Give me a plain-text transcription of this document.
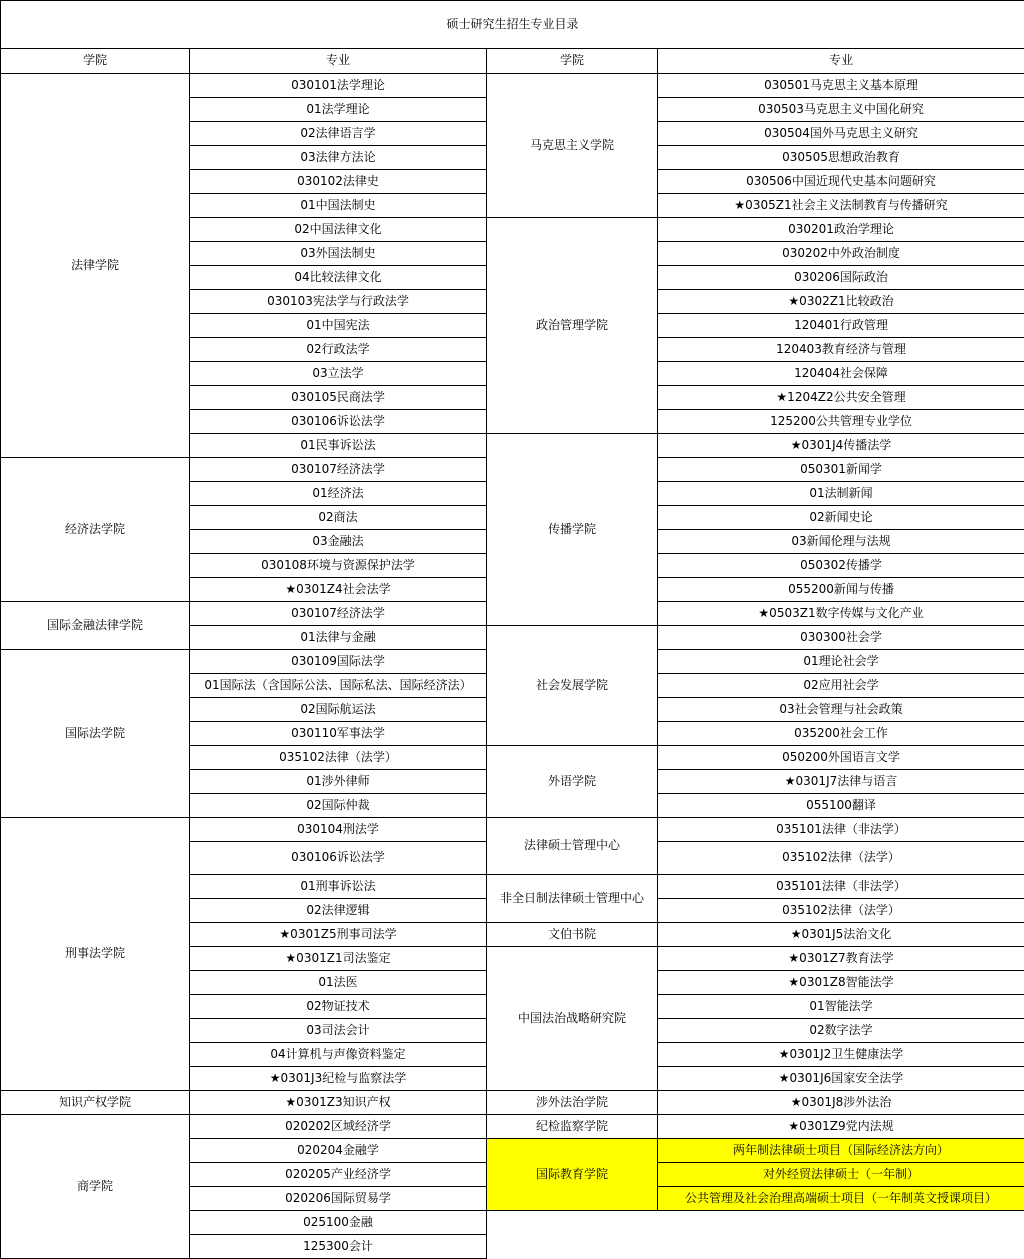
硕士研究生招生专业目录			
学院	专业	学院	专业
法律学院	030101法学理论	马克思主义学院	030501马克思主义基本原理
	01法学理论		030503马克思主义中国化研究
	02法律语言学		030504国外马克思主义研究
	03法律方法论		030505思想政治教育
	030102法律史		030506中国近现代史基本问题研究
	01中国法制史		★0305Z1社会主义法制教育与传播研究
	02中国法律文化	政治管理学院	030201政治学理论
	03外国法制史		030202中外政治制度
	04比较法律文化		030206国际政治
	030103宪法学与行政法学		★0302Z1比较政治
	01中国宪法		120401行政管理
	02行政法学		120403教育经济与管理
	03立法学		120404社会保障
	030105民商法学		★1204Z2公共安全管理
	030106诉讼法学		125200公共管理专业学位
	01民事诉讼法	传播学院	★0301J4传播法学
经济法学院	030107经济法学		050301新闻学
	01经济法		01法制新闻
	02商法		02新闻史论
	03金融法		03新闻伦理与法规
	030108环境与资源保护法学		050302传播学
	★0301Z4社会法学		055200新闻与传播
国际金融法律学院	030107经济法学		★0503Z1数字传媒与文化产业
	01法律与金融	社会发展学院	030300社会学
国际法学院	030109国际法学		01理论社会学
	01国际法（含国际公法、国际私法、国际经济法）		02应用社会学
	02国际航运法		03社会管理与社会政策
	030110军事法学		035200社会工作
	035102法律（法学）	外语学院	050200外国语言文学
	01涉外律师		★0301J7法律与语言
	02国际仲裁		055100翻译
刑事法学院	030104刑法学	法律硕士管理中心	035101法律（非法学）
	030106诉讼法学		035102法律（法学）
	01刑事诉讼法	非全日制法律硕士管理中心	035101法律（非法学）
	02法律逻辑		035102法律（法学）
	★0301Z5刑事司法学	文伯书院	★0301J5法治文化
	★0301Z1司法鉴定	中国法治战略研究院	★0301Z7教育法学
	01法医		★0301Z8智能法学
	02物证技术		01智能法学
	03司法会计		02数字法学
	04计算机与声像资料鉴定		★0301J2卫生健康法学
	★0301J3纪检与监察法学		★0301J6国家安全法学
知识产权学院	★0301Z3知识产权	涉外法治学院	★0301J8涉外法治
商学院	020202区域经济学	纪检监察学院	★0301Z9党内法规
	020204金融学	国际教育学院	两年制法律硕士项目（国际经济法方向）
	020205产业经济学		对外经贸法律硕士（一年制）
	020206国际贸易学		公共管理及社会治理高端硕士项目（一年制英文授课项目）
	025100金融		
	125300会计		
